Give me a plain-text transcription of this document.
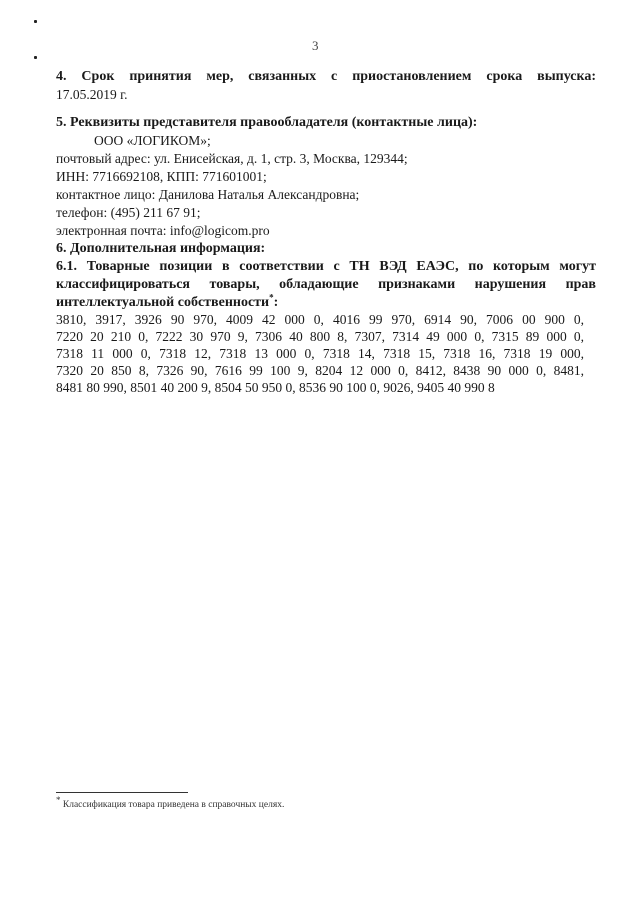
3
4. Срок принятия мер, связанных с приостановлением срока выпуска:
17.05.2019 г.
5. Реквизиты представителя правообладателя (контактные лица):
ООО «ЛОГИКОМ»;
почтовый адрес: ул. Енисейская, д. 1, стр. 3, Москва, 129344;
ИНН: 7716692108, КПП: 771601001;
контактное лицо: Данилова Наталья Александровна;
телефон: (495) 211 67 91;
электронная почта: info@logicom.pro
6. Дополнительная информация:
6.1. Товарные позиции в соответствии с ТН ВЭД ЕАЭС, по которым могут
классифицироваться товары, обладающие признаками нарушения прав
интеллектуальной собственности*:
3810, 3917, 3926 90 970, 4009 42 000 0, 4016 99 970, 6914 90, 7006 00 900 0,
7220 20 210 0, 7222 30 970 9, 7306 40 800 8, 7307, 7314 49 000 0, 7315 89 000 0,
7318 11 000 0, 7318 12, 7318 13 000 0, 7318 14, 7318 15, 7318 16, 7318 19 000,
7320 20 850 8, 7326 90, 7616 99 100 9, 8204 12 000 0, 8412, 8438 90 000 0, 8481,
8481 80 990, 8501 40 200 9, 8504 50 950 0, 8536 90 100 0, 9026, 9405 40 990 8
* Классификация товара приведена в справочных целях.
